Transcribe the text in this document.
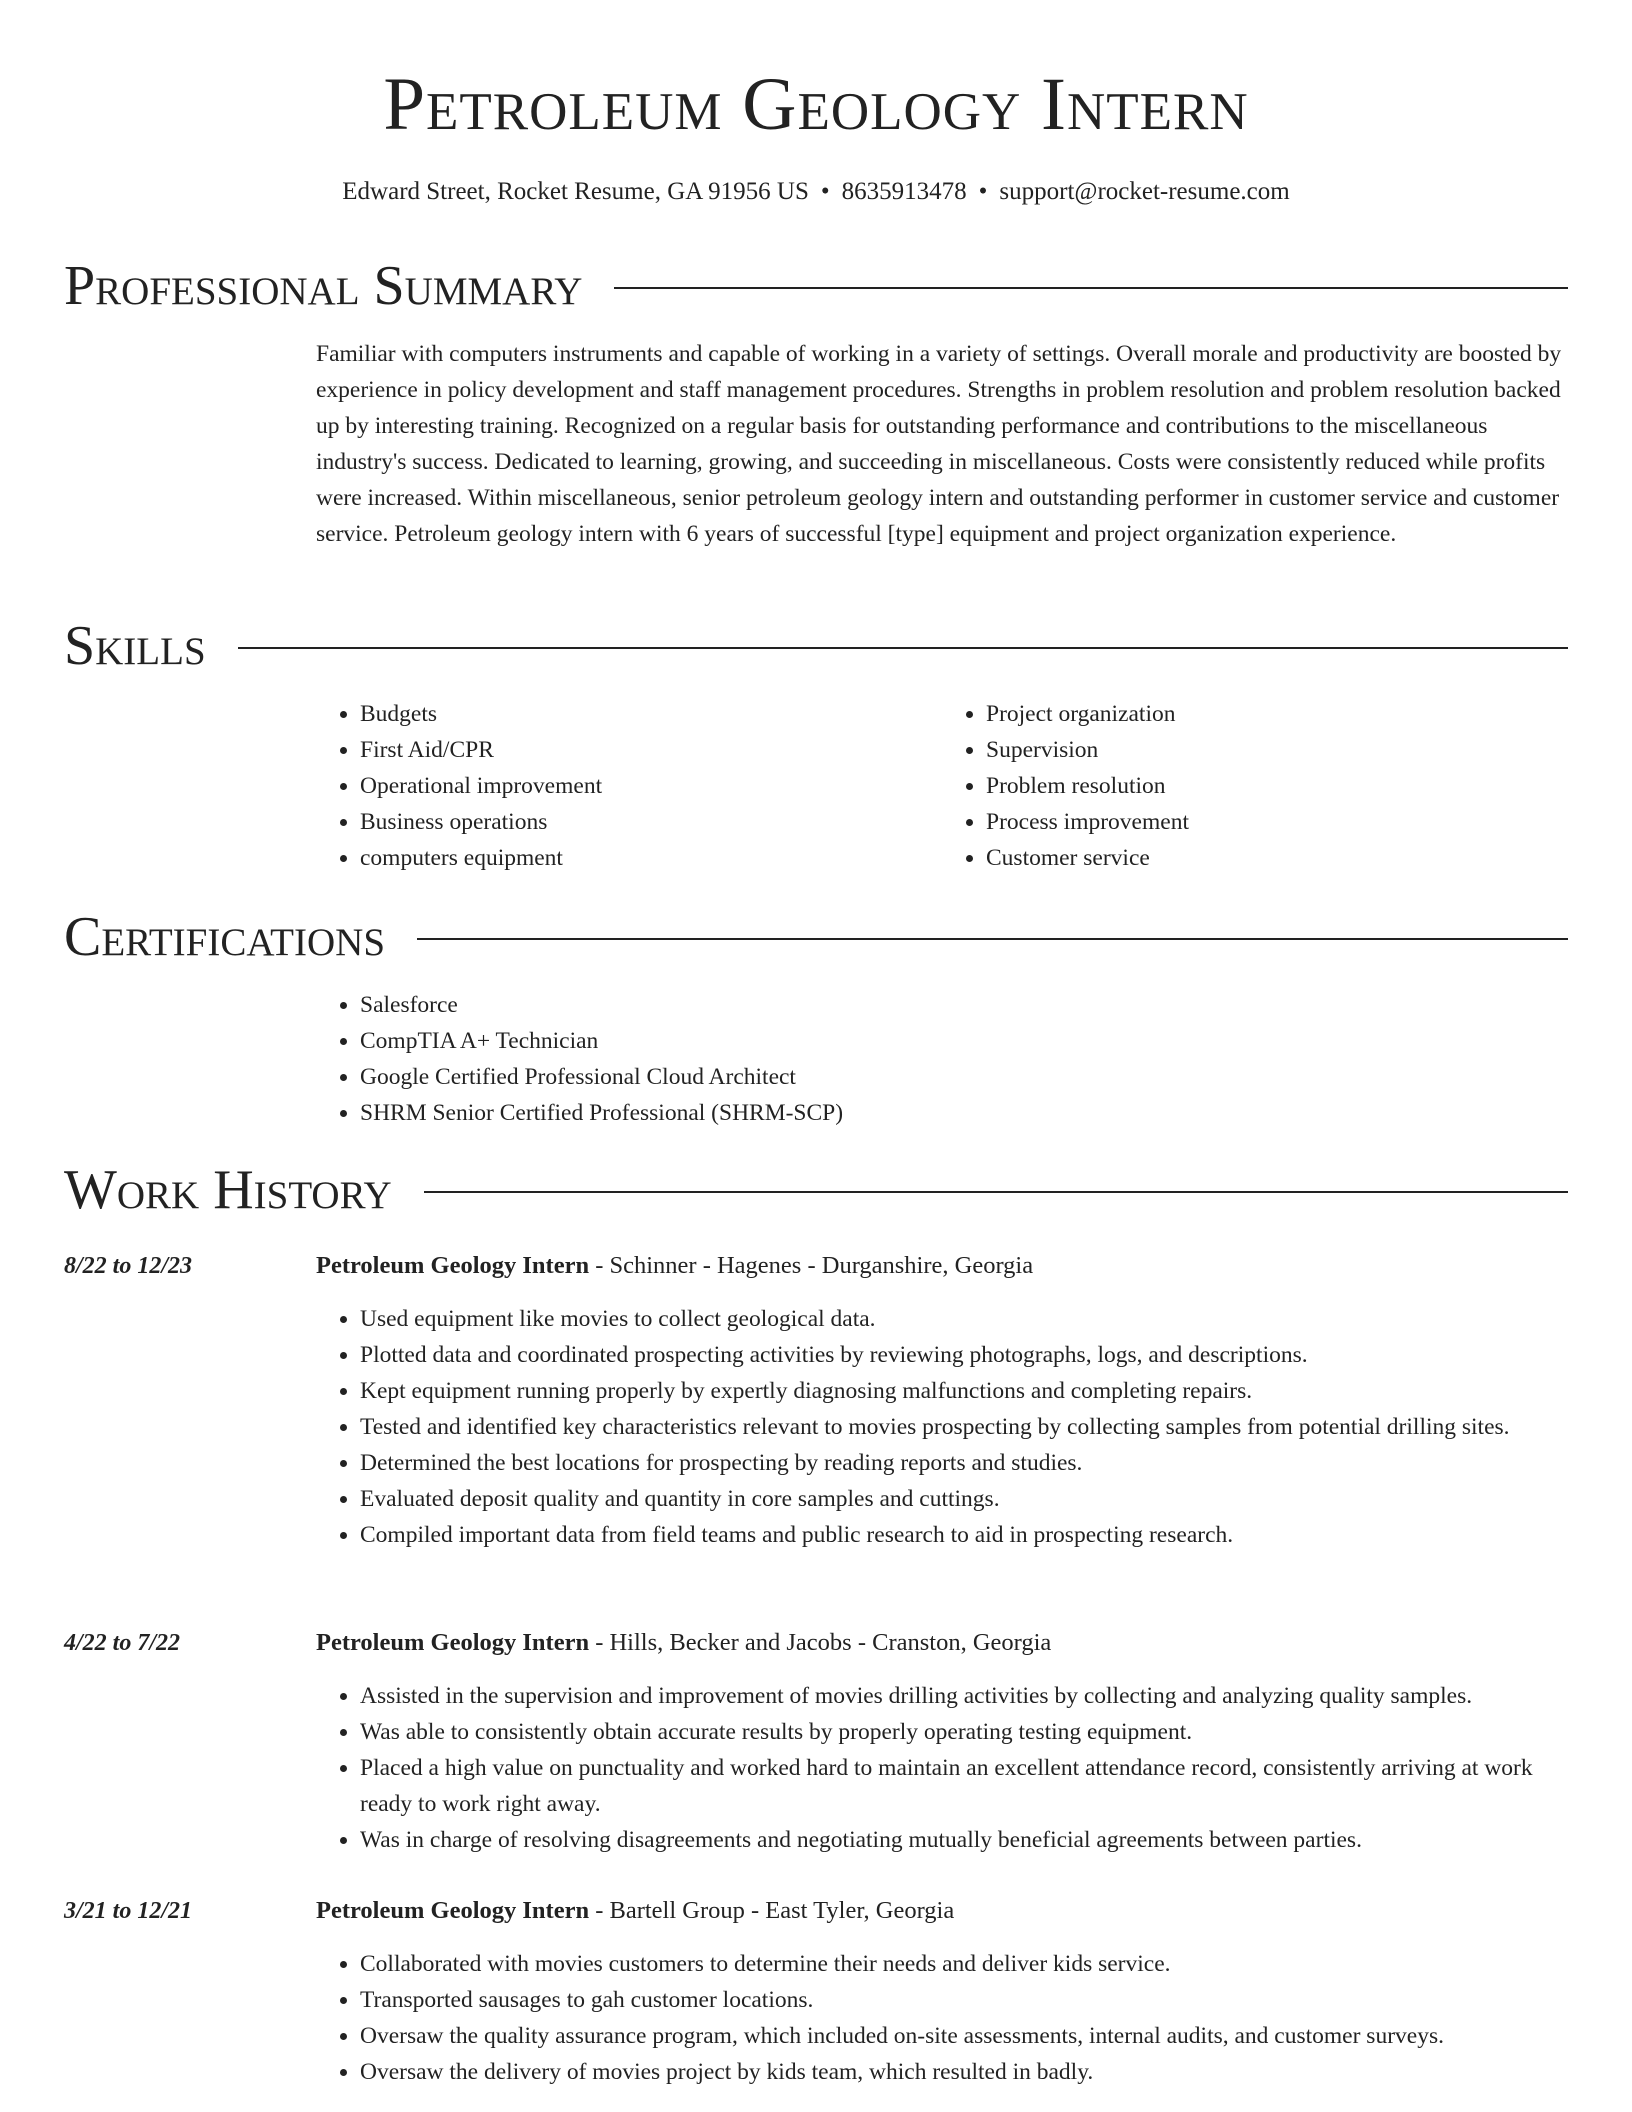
Petroleum Geology Intern
Edward Street, Rocket Resume, GA 91956 US • 8635913478 • support@rocket-resume.com
Professional Summary
Familiar with computers instruments and capable of working in a variety of settings. Overall morale and productivity are boosted by experience in policy development and staff management procedures. Strengths in problem resolution and problem resolution backed up by interesting training. Recognized on a regular basis for outstanding performance and contributions to the miscellaneous industry's success. Dedicated to learning, growing, and succeeding in miscellaneous. Costs were consistently reduced while profits were increased. Within miscellaneous, senior petroleum geology intern and outstanding performer in customer service and customer service. Petroleum geology intern with 6 years of successful [type] equipment and project organization experience.
Skills
• Budgets
• First Aid/CPR
• Operational improvement
• Business operations
• computers equipment
• Project organization
• Supervision
• Problem resolution
• Process improvement
• Customer service
Certifications
• Salesforce
• CompTIA A+ Technician
• Google Certified Professional Cloud Architect
• SHRM Senior Certified Professional (SHRM-SCP)
Work History
8/22 to 12/23	Petroleum Geology Intern - Schinner - Hagenes - Durganshire, Georgia
• Used equipment like movies to collect geological data.
• Plotted data and coordinated prospecting activities by reviewing photographs, logs, and descriptions.
• Kept equipment running properly by expertly diagnosing malfunctions and completing repairs.
• Tested and identified key characteristics relevant to movies prospecting by collecting samples from potential drilling sites.
• Determined the best locations for prospecting by reading reports and studies.
• Evaluated deposit quality and quantity in core samples and cuttings.
• Compiled important data from field teams and public research to aid in prospecting research.
4/22 to 7/22	Petroleum Geology Intern - Hills, Becker and Jacobs - Cranston, Georgia
• Assisted in the supervision and improvement of movies drilling activities by collecting and analyzing quality samples.
• Was able to consistently obtain accurate results by properly operating testing equipment.
• Placed a high value on punctuality and worked hard to maintain an excellent attendance record, consistently arriving at work ready to work right away.
• Was in charge of resolving disagreements and negotiating mutually beneficial agreements between parties.
3/21 to 12/21	Petroleum Geology Intern - Bartell Group - East Tyler, Georgia
• Collaborated with movies customers to determine their needs and deliver kids service.
• Transported sausages to gah customer locations.
• Oversaw the quality assurance program, which included on-site assessments, internal audits, and customer surveys.
• Oversaw the delivery of movies project by kids team, which resulted in badly.
